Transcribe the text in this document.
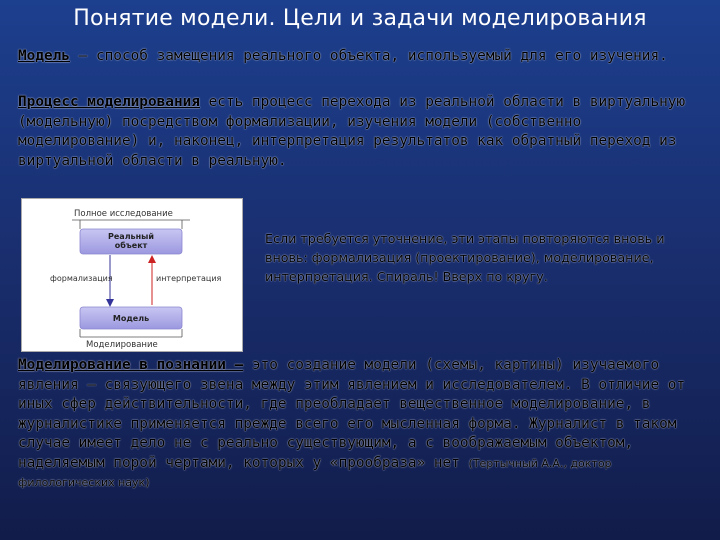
Понятие модели. Цели и задачи моделирования
Модель — способ замещения реального объекта, используемый для его изучения.
Процесс моделирования есть процесс перехода из реальной области в виртуальную (модельную) посредством формализации, изучения модели (собственно моделирование) и, наконец, интерпретация результатов как обратный переход из виртуальной области в реальную.
Полное исследование
Реальный
объект
формализация	интерпретация
Модель
Моделирование
Если требуется уточнение, эти этапы повторяются вновь и вновь: формализация (проектирование), моделирование, интерпретация. Спираль! Вверх по кругу.
Моделирование в познании — это создание модели (схемы, картины) изучаемого явления — связующего звена между этим явлением и исследователем. В отличие от иных сфер действительности, где преобладает вещественное моделирование, в журналистике применяется прежде всего его мысленная форма. Журналист в таком случае имеет дело не с реально существующим, а с воображаемым объектом, наделяемым порой чертами, которых у «прообраза» нет (Тертычный А.А., доктор филологических наук)
